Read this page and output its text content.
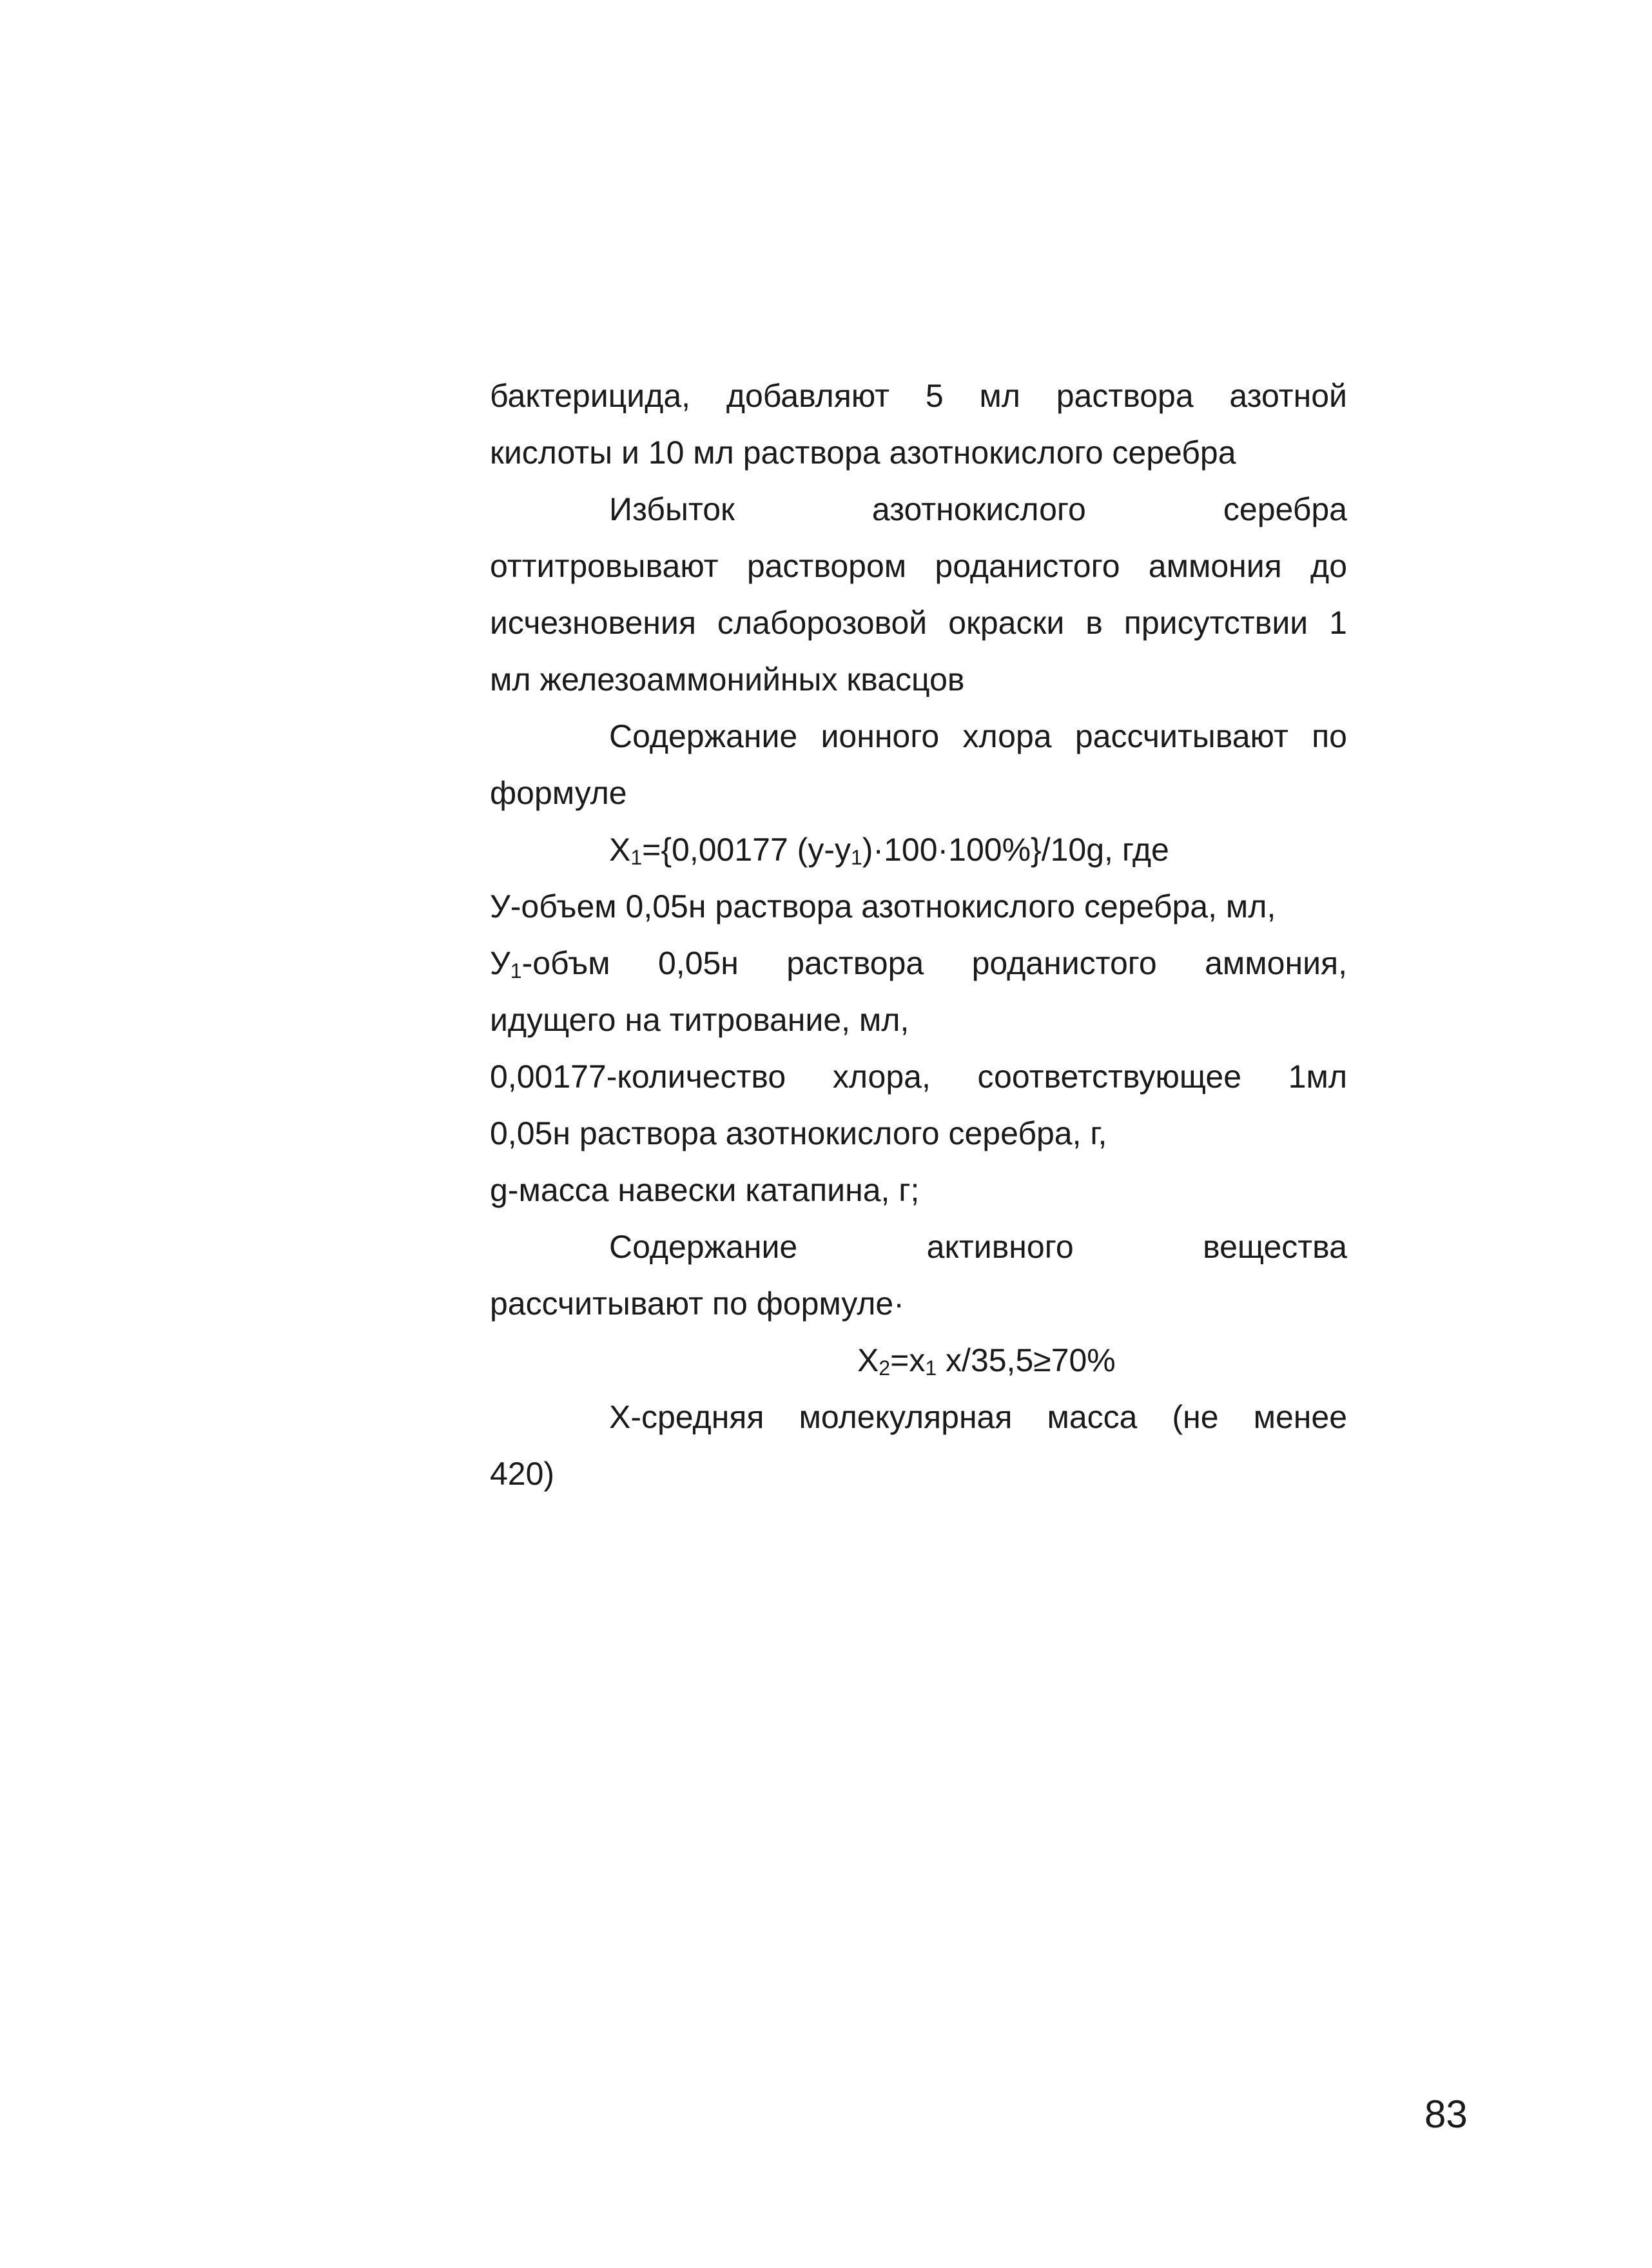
бактерицида, добавляют 5 мл раствора азотной
кислоты и 10 мл раствора азотнокислого серебра
Избыток азотнокислого серебра
оттитровывают раствором роданистого аммония до
исчезновения слаборозовой окраски в присутствии 1
мл железоаммонийных квасцов
Содержание ионного хлора рассчитывают по
формуле
$Х_1=\{0,00177$ $(у-у_1)\cdot 100\cdot 100\%\}/10g$, где
У-объем 0,05н раствора азотнокислого серебра, мл,
$У_1$-объм 0,05н раствора роданистого аммония,
идущего на титрование, мл,
0,00177-количество хлора, соответствующее 1мл
0,05н раствора азотнокислого серебра, г,
g-масса навески катапина, г;
Содержание активного вещества
рассчитывают по формуле·
$Х_2=х_1$ х/35,5≥70%
Х-средняя молекулярная масса (не менее
420)
83
